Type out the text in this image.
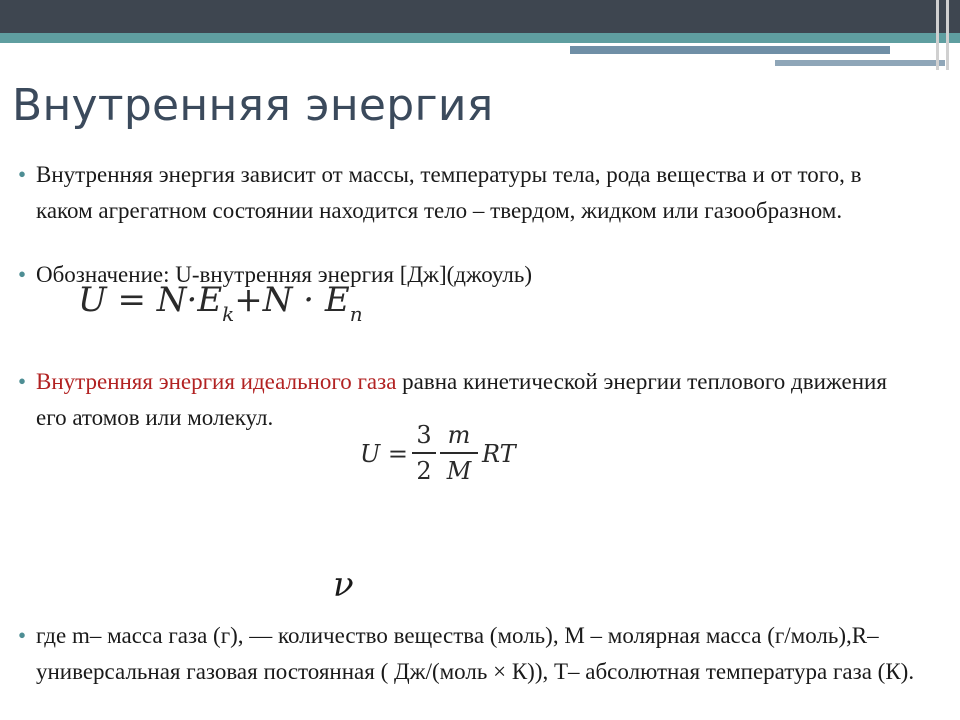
Внутренняя энергия
• Внутренняя энергия зависит от массы, температуры тела, рода вещества и от того, в каком агрегатном состоянии находится тело – твердом, жидком или газообразном.
• Обозначение: U-внутренняя энергия [Дж](джоуль)
$U = N\cdot E_k+N \cdot E_n$
• Внутренняя энергия идеального газа равна кинетической энергии теплового движения его атомов или молекул.
U =
3
2
m
M
RT
ν
• где m– масса газа (г), — количество вещества (моль), М – молярная масса (г/моль),R– универсальная газовая постоянная ( Дж/(моль × К)), Т– абсолютная температура газа (К).
